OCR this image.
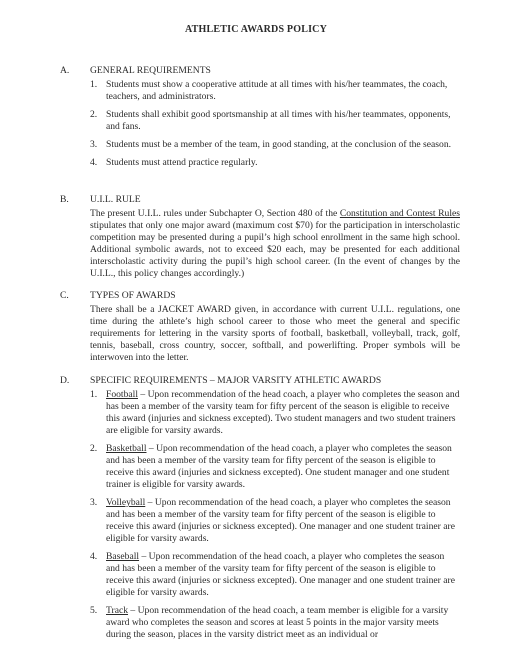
ATHLETIC AWARDS POLICY
A. GENERAL REQUIREMENTS
1. Students must show a cooperative attitude at all times with his/her teammates, the coach, teachers, and administrators.
2. Students shall exhibit good sportsmanship at all times with his/her teammates, opponents, and fans.
3. Students must be a member of the team, in good standing, at the conclusion of the season.
4. Students must attend practice regularly.
B. U.I.L. RULE
The present U.I.L. rules under Subchapter O, Section 480 of the Constitution and Contest Rules stipulates that only one major award (maximum cost $70) for the participation in interscholastic competition may be presented during a pupil’s high school enrollment in the same high school. Additional symbolic awards, not to exceed $20 each, may be presented for each additional interscholastic activity during the pupil’s high school career. (In the event of changes by the U.I.L., this policy changes accordingly.)
C. TYPES OF AWARDS
There shall be a JACKET AWARD given, in accordance with current U.I.L. regulations, one time during the athlete’s high school career to those who meet the general and specific requirements for lettering in the varsity sports of football, basketball, volleyball, track, golf, tennis, baseball, cross country, soccer, softball, and powerlifting. Proper symbols will be interwoven into the letter.
D. SPECIFIC REQUIREMENTS – MAJOR VARSITY ATHLETIC AWARDS
1. Football – Upon recommendation of the head coach, a player who completes the season and has been a member of the varsity team for fifty percent of the season is eligible to receive this award (injuries and sickness excepted). Two student managers and two student trainers are eligible for varsity awards.
2. Basketball – Upon recommendation of the head coach, a player who completes the season and has been a member of the varsity team for fifty percent of the season is eligible to receive this award (injuries and sickness excepted). One student manager and one student trainer is eligible for varsity awards.
3. Volleyball – Upon recommendation of the head coach, a player who completes the season and has been a member of the varsity team for fifty percent of the season is eligible to receive this award (injuries or sickness excepted). One manager and one student trainer are eligible for varsity awards.
4. Baseball – Upon recommendation of the head coach, a player who completes the season and has been a member of the varsity team for fifty percent of the season is eligible to receive this award (injuries or sickness excepted). One manager and one student trainer are eligible for varsity awards.
5. Track – Upon recommendation of the head coach, a team member is eligible for a varsity award who completes the season and scores at least 5 points in the major varsity meets during the season, places in the varsity district meet as an individual or
